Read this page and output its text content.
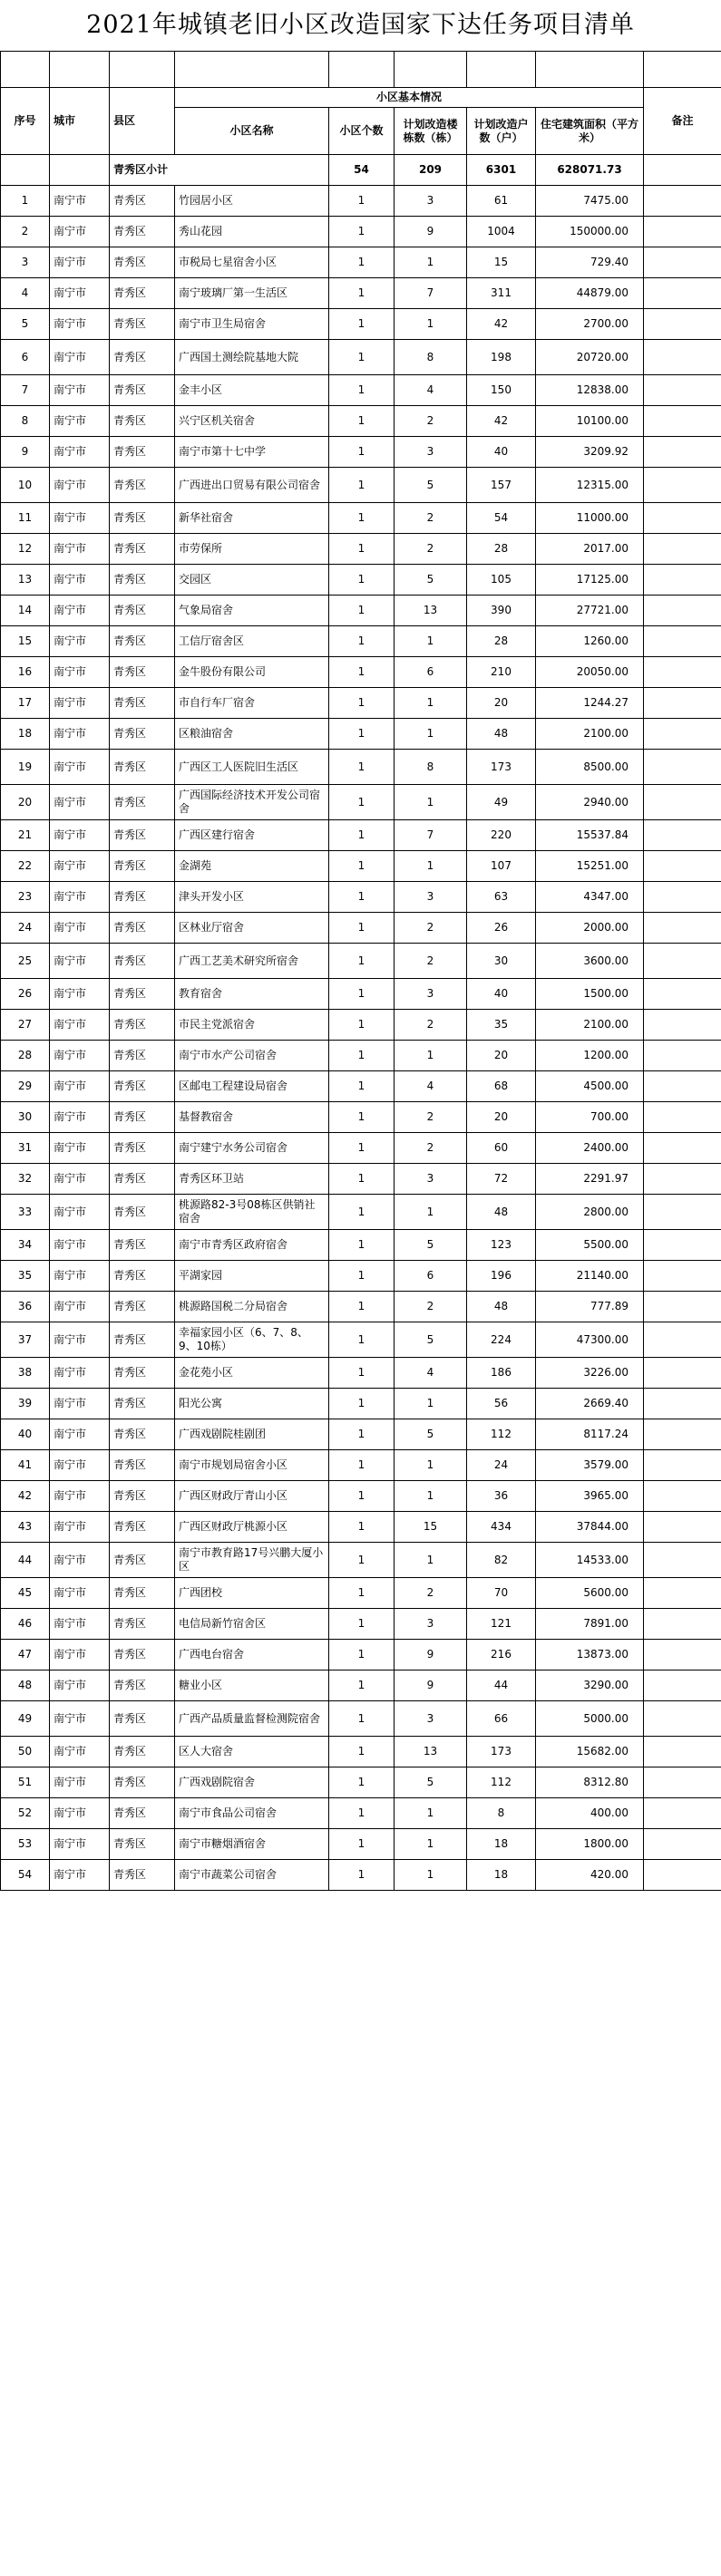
2021年城镇老旧小区改造国家下达任务项目清单

序号	城市	县区	小区基本情况					备注
			小区名称	小区个数	计划改造楼栋数（栋）	计划改造户数（户）	住宅建筑面积（平方米）	
		青秀区小计		54	209	6301	628071.73	
1	南宁市	青秀区	竹园居小区	1	3	61	7475.00	
2	南宁市	青秀区	秀山花园	1	9	1004	150000.00	
3	南宁市	青秀区	市税局七星宿舍小区	1	1	15	729.40	
4	南宁市	青秀区	南宁玻璃厂第一生活区	1	7	311	44879.00	
5	南宁市	青秀区	南宁市卫生局宿舍	1	1	42	2700.00	
6	南宁市	青秀区	广西国土测绘院基地大院	1	8	198	20720.00	
7	南宁市	青秀区	金丰小区	1	4	150	12838.00	
8	南宁市	青秀区	兴宁区机关宿舍	1	2	42	10100.00	
9	南宁市	青秀区	南宁市第十七中学	1	3	40	3209.92	
10	南宁市	青秀区	广西进出口贸易有限公司宿舍	1	5	157	12315.00	
11	南宁市	青秀区	新华社宿舍	1	2	54	11000.00	
12	南宁市	青秀区	市劳保所	1	2	28	2017.00	
13	南宁市	青秀区	交园区	1	5	105	17125.00	
14	南宁市	青秀区	气象局宿舍	1	13	390	27721.00	
15	南宁市	青秀区	工信厅宿舍区	1	1	28	1260.00	
16	南宁市	青秀区	金牛股份有限公司	1	6	210	20050.00	
17	南宁市	青秀区	市自行车厂宿舍	1	1	20	1244.27	
18	南宁市	青秀区	区粮油宿舍	1	1	48	2100.00	
19	南宁市	青秀区	广西区工人医院旧生活区	1	8	173	8500.00	
20	南宁市	青秀区	广西国际经济技术开发公司宿舍	1	1	49	2940.00	
21	南宁市	青秀区	广西区建行宿舍	1	7	220	15537.84	
22	南宁市	青秀区	金湖苑	1	1	107	15251.00	
23	南宁市	青秀区	津头开发小区	1	3	63	4347.00	
24	南宁市	青秀区	区林业厅宿舍	1	2	26	2000.00	
25	南宁市	青秀区	广西工艺美术研究所宿舍	1	2	30	3600.00	
26	南宁市	青秀区	教育宿舍	1	3	40	1500.00	
27	南宁市	青秀区	市民主党派宿舍	1	2	35	2100.00	
28	南宁市	青秀区	南宁市水产公司宿舍	1	1	20	1200.00	
29	南宁市	青秀区	区邮电工程建设局宿舍	1	4	68	4500.00	
30	南宁市	青秀区	基督教宿舍	1	2	20	700.00	
31	南宁市	青秀区	南宁建宁水务公司宿舍	1	2	60	2400.00	
32	南宁市	青秀区	青秀区环卫站	1	3	72	2291.97	
33	南宁市	青秀区	桃源路82-3号08栋区供销社宿舍	1	1	48	2800.00	
34	南宁市	青秀区	南宁市青秀区政府宿舍	1	5	123	5500.00	
35	南宁市	青秀区	平湖家园	1	6	196	21140.00	
36	南宁市	青秀区	桃源路国税二分局宿舍	1	2	48	777.89	
37	南宁市	青秀区	幸福家园小区（6、7、8、9、10栋）	1	5	224	47300.00	
38	南宁市	青秀区	金花苑小区	1	4	186	3226.00	
39	南宁市	青秀区	阳光公寓	1	1	56	2669.40	
40	南宁市	青秀区	广西戏剧院桂剧团	1	5	112	8117.24	
41	南宁市	青秀区	南宁市规划局宿舍小区	1	1	24	3579.00	
42	南宁市	青秀区	广西区财政厅青山小区	1	1	36	3965.00	
43	南宁市	青秀区	广西区财政厅桃源小区	1	15	434	37844.00	
44	南宁市	青秀区	南宁市教育路17号兴鹏大厦小区	1	1	82	14533.00	
45	南宁市	青秀区	广西团校	1	2	70	5600.00	
46	南宁市	青秀区	电信局新竹宿舍区	1	3	121	7891.00	
47	南宁市	青秀区	广西电台宿舍	1	9	216	13873.00	
48	南宁市	青秀区	糖业小区	1	9	44	3290.00	
49	南宁市	青秀区	广西产品质量监督检测院宿舍	1	3	66	5000.00	
50	南宁市	青秀区	区人大宿舍	1	13	173	15682.00	
51	南宁市	青秀区	广西戏剧院宿舍	1	5	112	8312.80	
52	南宁市	青秀区	南宁市食品公司宿舍	1	1	8	400.00	
53	南宁市	青秀区	南宁市糖烟酒宿舍	1	1	18	1800.00	
54	南宁市	青秀区	南宁市蔬菜公司宿舍	1	1	18	420.00	
